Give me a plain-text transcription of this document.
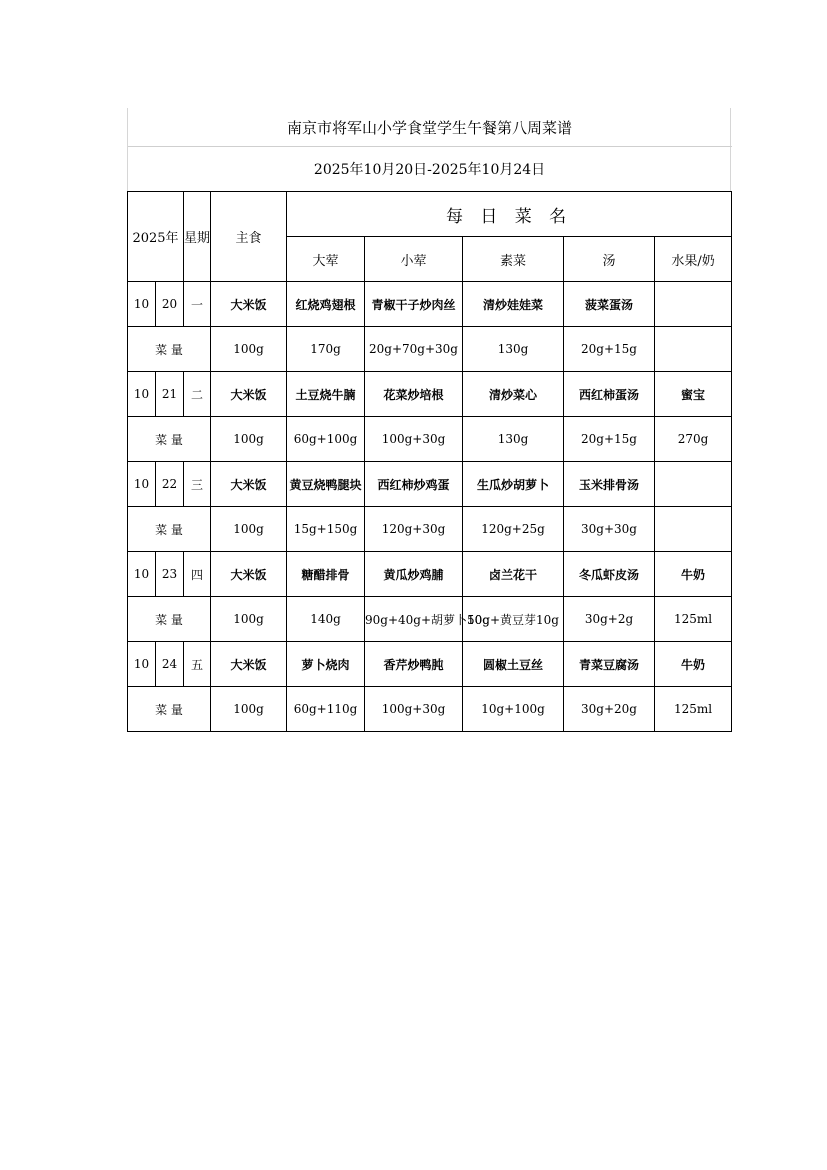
南京市将军山小学食堂学生午餐第八周菜谱								
2025年10月20日-2025年10月24日								
2025年		星期	主食	每 日 菜 名				
				大荤	小荤	素菜	汤	水果/奶
10	20	一	大米饭	红烧鸡翅根	青椒干子炒肉丝	清炒娃娃菜	菠菜蛋汤	
菜 量			100g	170g	20g+70g+30g	130g	20g+15g	
10	21	二	大米饭	土豆烧牛腩	花菜炒培根	清炒菜心	西红柿蛋汤	蜜宝
菜 量			100g	60g+100g	100g+30g	130g	20g+15g	270g
10	22	三	大米饭	黄豆烧鸭腿块	西红柿炒鸡蛋	生瓜炒胡萝卜	玉米排骨汤	
菜 量			100g	15g+150g	120g+30g	120g+25g	30g+30g	
10	23	四	大米饭	糖醋排骨	黄瓜炒鸡脯	卤兰花干	冬瓜虾皮汤	牛奶
菜 量			100g	140g	90g+40g+胡萝卜10g	50g+黄豆芽10g	30g+2g	125ml
10	24	五	大米饭	萝卜烧肉	香芹炒鸭肫	圆椒土豆丝	青菜豆腐汤	牛奶
菜 量			100g	60g+110g	100g+30g	10g+100g	30g+20g	125ml
